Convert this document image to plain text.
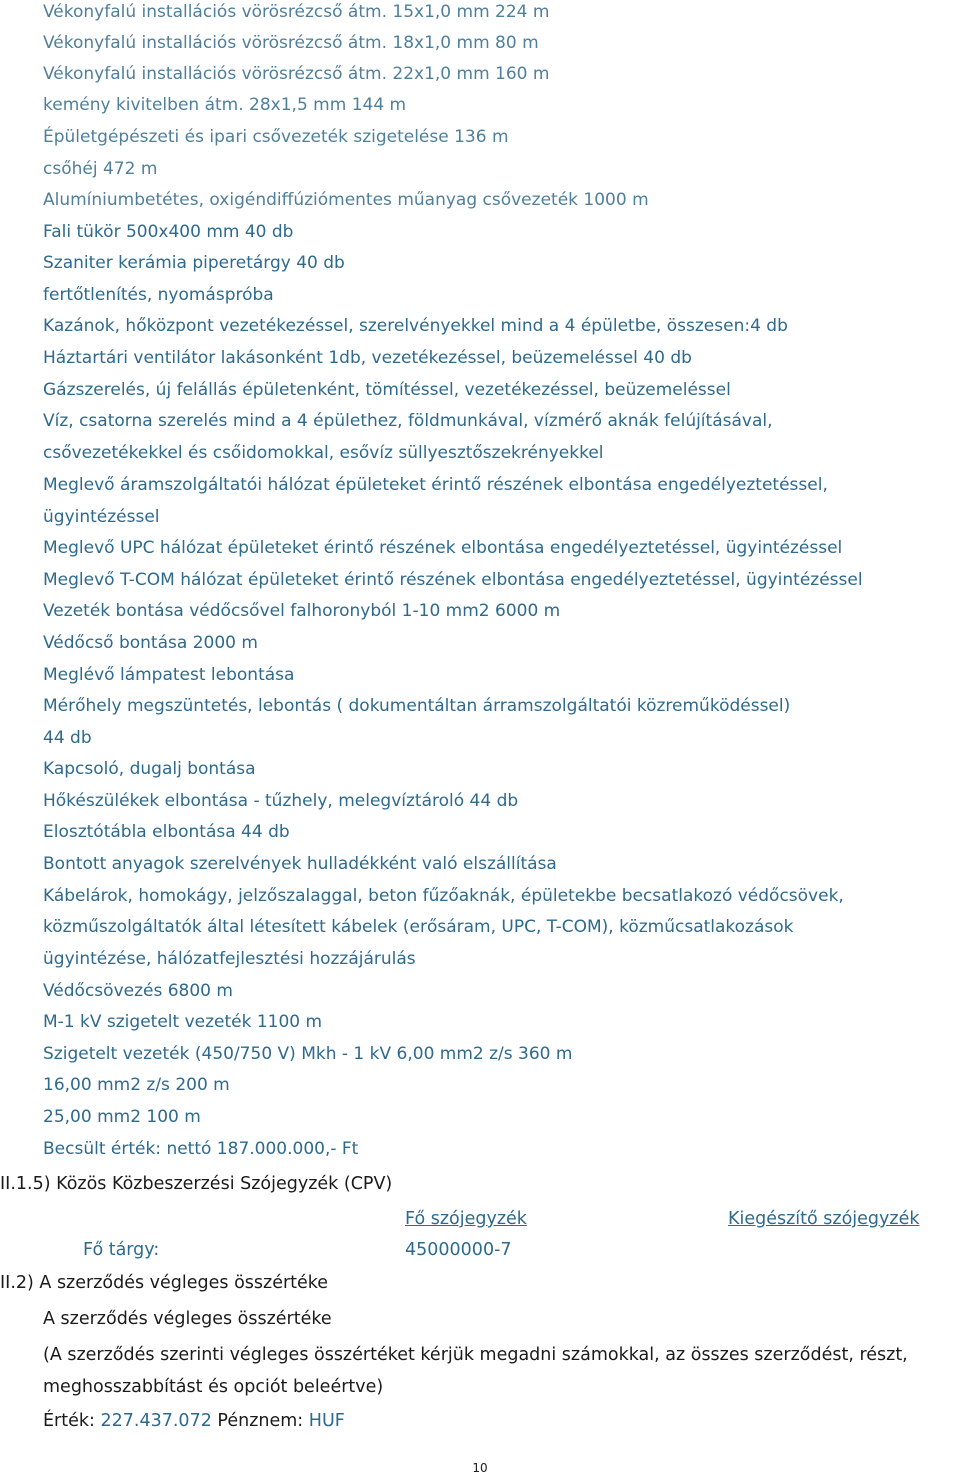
Vékonyfalú installációs vörösrézcső átm. 15x1,0 mm 224 m
Vékonyfalú installációs vörösrézcső átm. 18x1,0 mm 80 m
Vékonyfalú installációs vörösrézcső átm. 22x1,0 mm 160 m
kemény kivitelben átm. 28x1,5 mm 144 m
Épületgépészeti és ipari csővezeték szigetelése 136 m
csőhéj 472 m
Alumíniumbetétes, oxigéndiffúziómentes műanyag csővezeték 1000 m
Fali tükör 500x400 mm 40 db
Szaniter kerámia piperetárgy 40 db
fertőtlenítés, nyomáspróba
Kazánok, hőközpont vezetékezéssel, szerelvényekkel mind a 4 épületbe, összesen:4 db
Háztartári ventilátor lakásonként 1db, vezetékezéssel, beüzemeléssel 40 db
Gázszerelés, új felállás épületenként, tömítéssel, vezetékezéssel, beüzemeléssel
Víz, csatorna szerelés mind a 4 épülethez, földmunkával, vízmérő aknák felújításával,
csővezetékekkel és csőidomokkal, esővíz süllyesztőszekrényekkel
Meglevő áramszolgáltatói hálózat épületeket érintő részének elbontása engedélyeztetéssel,
ügyintézéssel
Meglevő UPC hálózat épületeket érintő részének elbontása engedélyeztetéssel, ügyintézéssel
Meglevő T-COM hálózat épületeket érintő részének elbontása engedélyeztetéssel, ügyintézéssel
Vezeték bontása védőcsővel falhoronyból 1-10 mm2 6000 m
Védőcső bontása 2000 m
Meglévő lámpatest lebontása
Mérőhely megszüntetés, lebontás ( dokumentáltan árramszolgáltatói közreműködéssel)
44 db
Kapcsoló, dugalj bontása
Hőkészülékek elbontása - tűzhely, melegvíztároló 44 db
Elosztótábla elbontása 44 db
Bontott anyagok szerelvények hulladékként való elszállítása
Kábelárok, homokágy, jelzőszalaggal, beton fűzőaknák, épületekbe becsatlakozó védőcsövek,
közműszolgáltatók által létesített kábelek (erősáram, UPC, T-COM), közműcsatlakozások
ügyintézése, hálózatfejlesztési hozzájárulás
Védőcsövezés 6800 m
M-1 kV szigetelt vezeték 1100 m
Szigetelt vezeték (450/750 V) Mkh - 1 kV 6,00 mm2 z/s 360 m
16,00 mm2 z/s 200 m
25,00 mm2 100 m
Becsült érték: nettó 187.000.000,- Ft
II.1.5) Közös Közbeszerzési Szójegyzék (CPV)
Fő szójegyzék	Kiegészítő szójegyzék
Fő tárgy:	45000000-7
II.2) A szerződés végleges összértéke
A szerződés végleges összértéke
(A szerződés szerinti végleges összértéket kérjük megadni számokkal, az összes szerződést, részt,
meghosszabbítást és opciót beleértve)
Érték: 227.437.072 Pénznem: HUF
10
